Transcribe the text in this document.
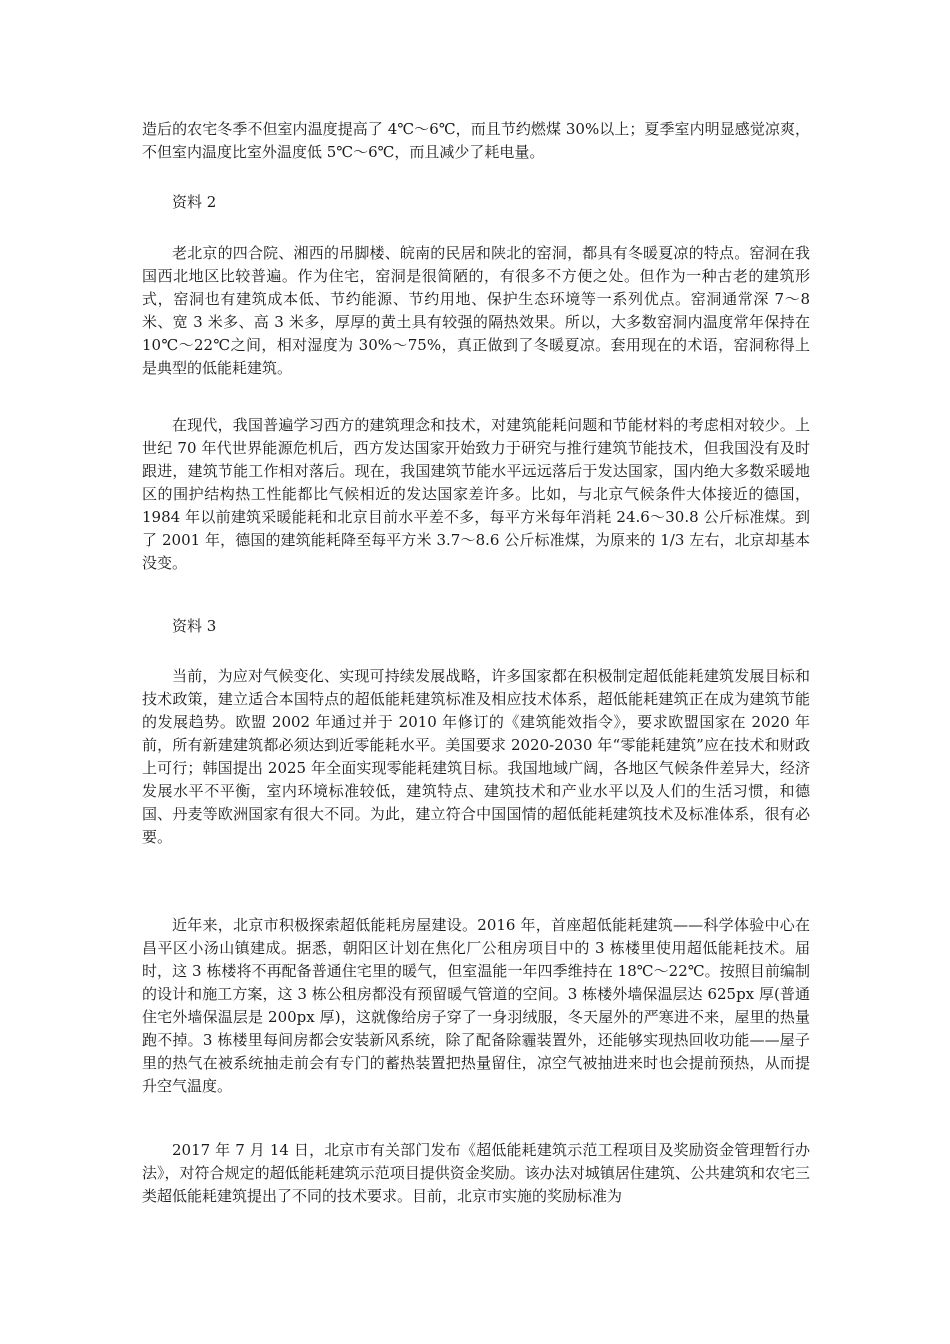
造后的农宅冬季不但室内温度提高了 4℃～6℃，而且节约燃煤 30%以上；夏季室内明显感觉凉爽，不但室内温度比室外温度低 5℃～6℃，而且减少了耗电量。

资料 2

老北京的四合院、湘西的吊脚楼、皖南的民居和陕北的窑洞，都具有冬暖夏凉的特点。窑洞在我国西北地区比较普遍。作为住宅，窑洞是很简陋的，有很多不方便之处。但作为一种古老的建筑形式，窑洞也有建筑成本低、节约能源、节约用地、保护生态环境等一系列优点。窑洞通常深 7～8 米、宽 3 米多、高 3 米多，厚厚的黄土具有较强的隔热效果。所以，大多数窑洞内温度常年保持在 10℃～22℃之间，相对湿度为 30%～75%，真正做到了冬暖夏凉。套用现在的术语，窑洞称得上是典型的低能耗建筑。

在现代，我国普遍学习西方的建筑理念和技术，对建筑能耗问题和节能材料的考虑相对较少。上世纪 70 年代世界能源危机后，西方发达国家开始致力于研究与推行建筑节能技术，但我国没有及时跟进，建筑节能工作相对落后。现在，我国建筑节能水平远远落后于发达国家，国内绝大多数采暖地区的围护结构热工性能都比气候相近的发达国家差许多。比如，与北京气候条件大体接近的德国，1984 年以前建筑采暖能耗和北京目前水平差不多，每平方米每年消耗 24.6～30.8 公斤标准煤。到了 2001 年，德国的建筑能耗降至每平方米 3.7～8.6 公斤标准煤，为原来的 1/3 左右，北京却基本没变。

资料 3

当前，为应对气候变化、实现可持续发展战略，许多国家都在积极制定超低能耗建筑发展目标和技术政策，建立适合本国特点的超低能耗建筑标准及相应技术体系，超低能耗建筑正在成为建筑节能的发展趋势。欧盟 2002 年通过并于 2010 年修订的《建筑能效指令》，要求欧盟国家在 2020 年前，所有新建建筑都必须达到近零能耗水平。美国要求 2020-2030 年“零能耗建筑”应在技术和财政上可行；韩国提出 2025 年全面实现零能耗建筑目标。我国地域广阔，各地区气候条件差异大，经济发展水平不平衡，室内环境标准较低，建筑特点、建筑技术和产业水平以及人们的生活习惯，和德国、丹麦等欧洲国家有很大不同。为此，建立符合中国国情的超低能耗建筑技术及标准体系，很有必要。

近年来，北京市积极探索超低能耗房屋建设。2016 年，首座超低能耗建筑——科学体验中心在昌平区小汤山镇建成。据悉，朝阳区计划在焦化厂公租房项目中的 3 栋楼里使用超低能耗技术。届时，这 3 栋楼将不再配备普通住宅里的暖气，但室温能一年四季维持在 18℃～22℃。按照目前编制的设计和施工方案，这 3 栋公租房都没有预留暖气管道的空间。3 栋楼外墙保温层达 625px 厚(普通住宅外墙保温层是 200px 厚)，这就像给房子穿了一身羽绒服，冬天屋外的严寒进不来，屋里的热量跑不掉。3 栋楼里每间房都会安装新风系统，除了配备除霾装置外，还能够实现热回收功能——屋子里的热气在被系统抽走前会有专门的蓄热装置把热量留住，凉空气被抽进来时也会提前预热，从而提升空气温度。

2017 年 7 月 14 日，北京市有关部门发布《超低能耗建筑示范工程项目及奖励资金管理暂行办法》，对符合规定的超低能耗建筑示范项目提供资金奖励。该办法对城镇居住建筑、公共建筑和农宅三类超低能耗建筑提出了不同的技术要求。目前，北京市实施的奖励标准为
